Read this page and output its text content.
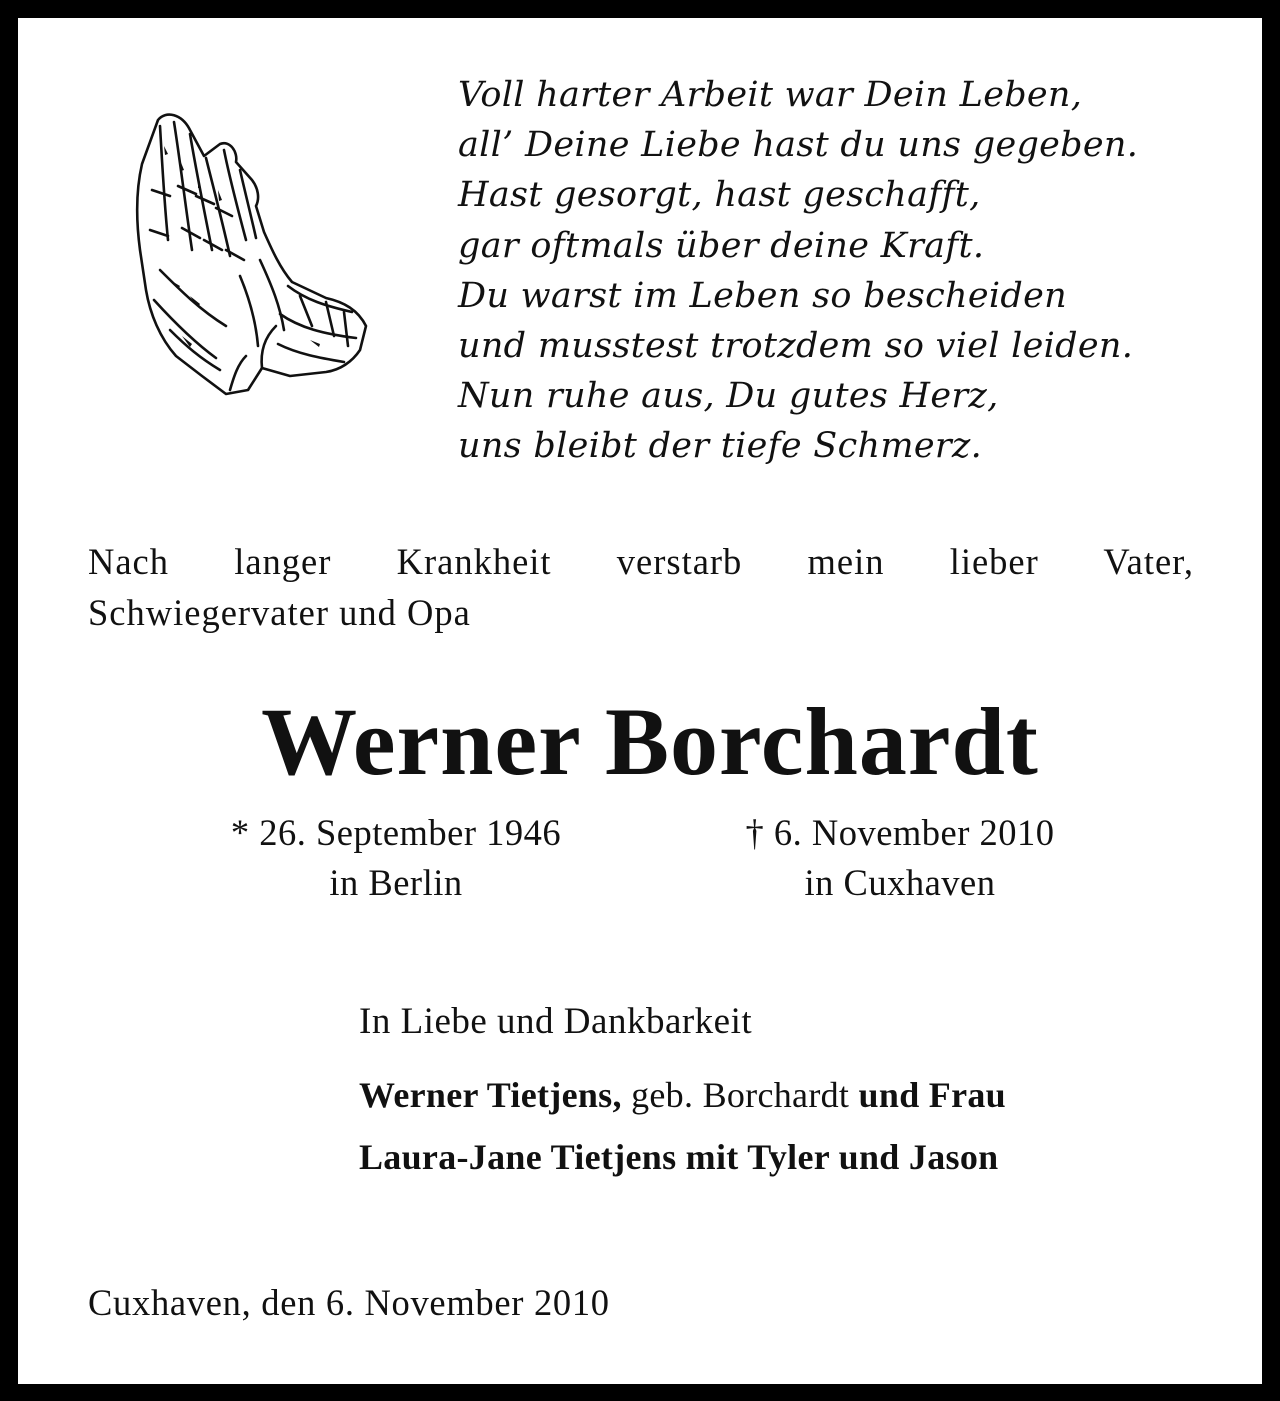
Voll harter Arbeit war Dein Leben,
all’ Deine Liebe hast du uns gegeben.
Hast gesorgt, hast geschafft,
gar oftmals über deine Kraft.
Du warst im Leben so bescheiden
und musstest trotzdem so viel leiden.
Nun ruhe aus, Du gutes Herz,
uns bleibt der tiefe Schmerz.
Nach langer Krankheit verstarb mein lieber Vater,
Schwiegervater und Opa
Werner Borchardt
* 26. September 1946
in Berlin
† 6. November 2010
in Cuxhaven
In Liebe und Dankbarkeit
Werner Tietjens, geb. Borchardt und Frau
Laura-Jane Tietjens mit Tyler und Jason
Cuxhaven, den 6. November 2010
